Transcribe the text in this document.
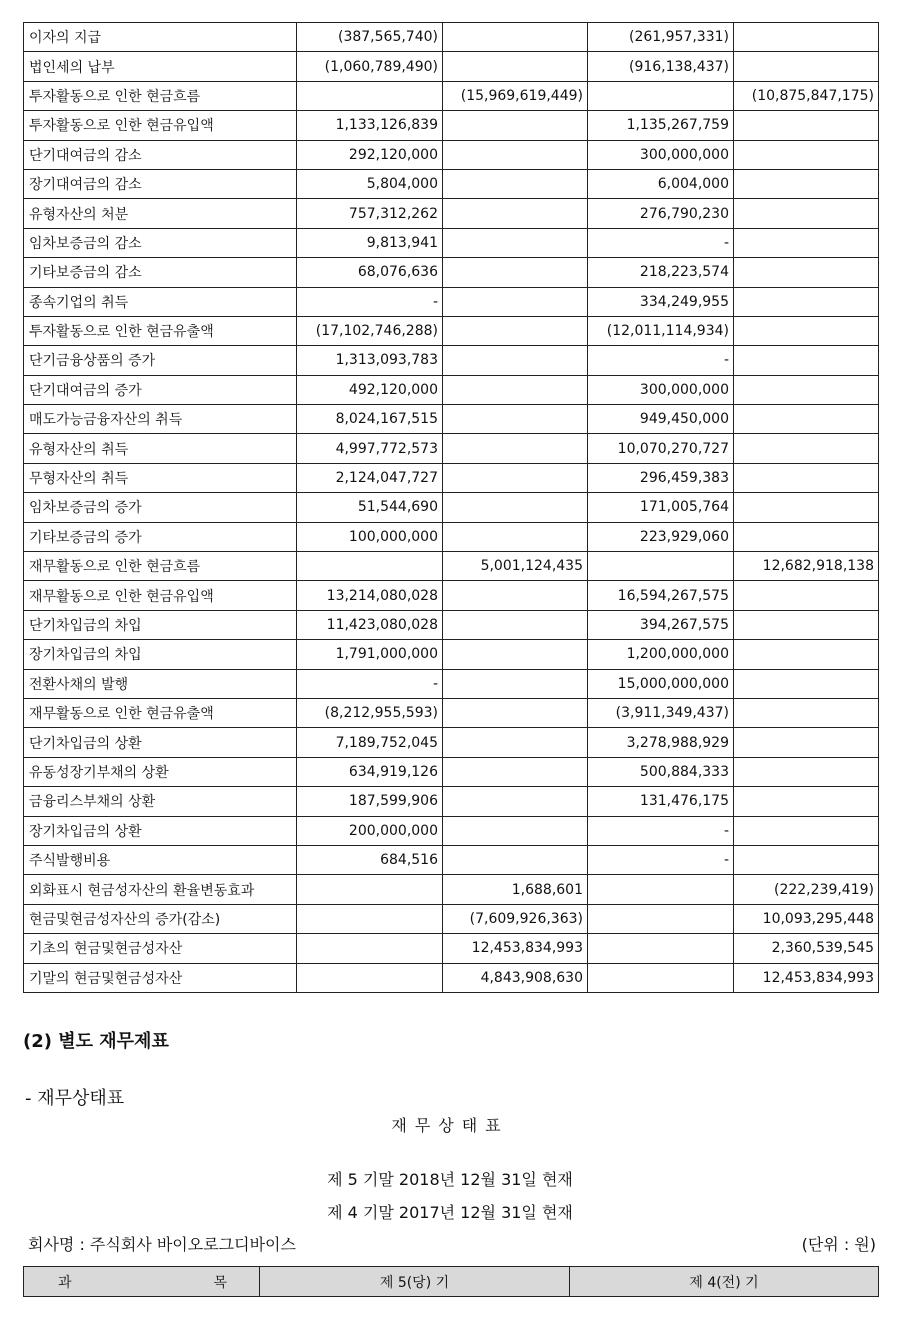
이자의 지급	(387,565,740)		(261,957,331)	
법인세의 납부	(1,060,789,490)		(916,138,437)	
투자활동으로 인한 현금흐름		(15,969,619,449)		(10,875,847,175)
투자활동으로 인한 현금유입액	1,133,126,839		1,135,267,759	
단기대여금의 감소	292,120,000		300,000,000	
장기대여금의 감소	5,804,000		6,004,000	
유형자산의 처분	757,312,262		276,790,230	
임차보증금의 감소	9,813,941		-	
기타보증금의 감소	68,076,636		218,223,574	
종속기업의 취득	-		334,249,955	
투자활동으로 인한 현금유출액	(17,102,746,288)		(12,011,114,934)	
단기금융상품의 증가	1,313,093,783		-	
단기대여금의 증가	492,120,000		300,000,000	
매도가능금융자산의 취득	8,024,167,515		949,450,000	
유형자산의 취득	4,997,772,573		10,070,270,727	
무형자산의 취득	2,124,047,727		296,459,383	
임차보증금의 증가	51,544,690		171,005,764	
기타보증금의 증가	100,000,000		223,929,060	
재무활동으로 인한 현금흐름		5,001,124,435		12,682,918,138
재무활동으로 인한 현금유입액	13,214,080,028		16,594,267,575	
단기차입금의 차입	11,423,080,028		394,267,575	
장기차입금의 차입	1,791,000,000		1,200,000,000	
전환사채의 발행	-		15,000,000,000	
재무활동으로 인한 현금유출액	(8,212,955,593)		(3,911,349,437)	
단기차입금의 상환	7,189,752,045		3,278,988,929	
유동성장기부채의 상환	634,919,126		500,884,333	
금융리스부채의 상환	187,599,906		131,476,175	
장기차입금의 상환	200,000,000		-	
주식발행비용	684,516		-	
외화표시 현금성자산의 환율변동효과		1,688,601		(222,239,419)
현금및현금성자산의 증가(감소)		(7,609,926,363)		10,093,295,448
기초의 현금및현금성자산		12,453,834,993		2,360,539,545
기말의 현금및현금성자산		4,843,908,630		12,453,834,993
(2) 별도 재무제표
- 재무상태표
재무상태표
제 5 기말 2018년 12월 31일 현재
제 4 기말 2017년 12월 31일 현재
회사명 : 주식회사 바이오로그디바이스	(단위 : 원)
과	목	제 5(당) 기	제 4(전) 기
